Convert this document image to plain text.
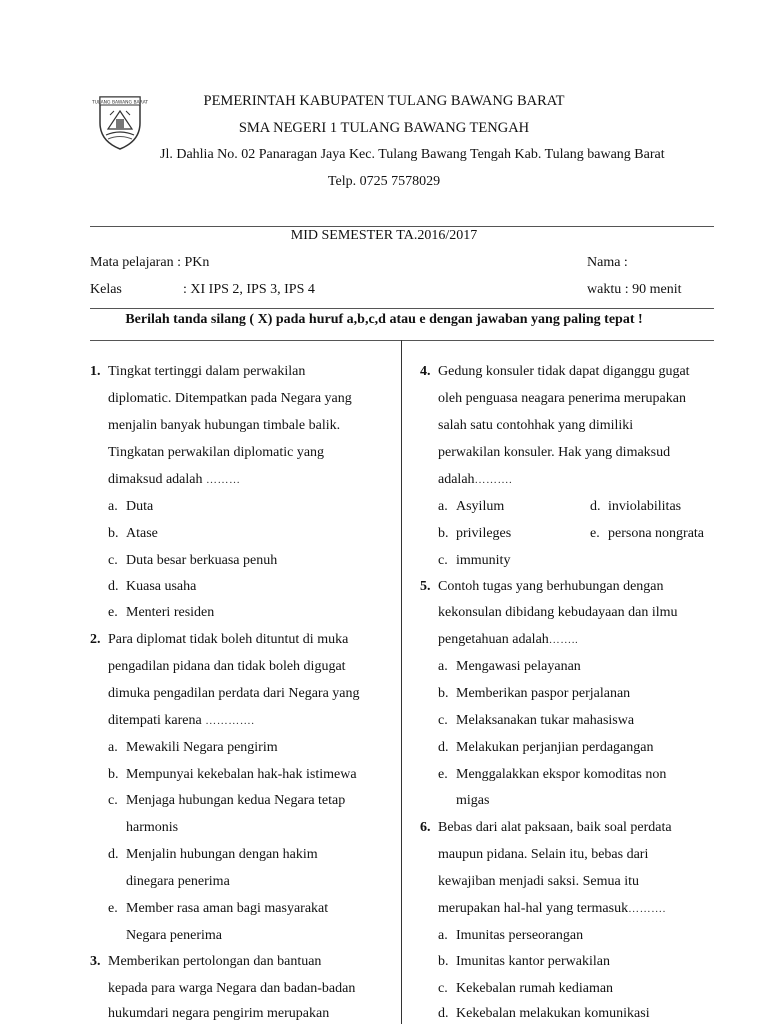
TULANG BAWANG BARAT	PEMERINTAH KABUPATEN TULANG BAWANG BARAT
SMA NEGERI 1 TULANG BAWANG TENGAH
Jl. Dahlia No. 02 Panaragan Jaya Kec. Tulang Bawang Tengah Kab. Tulang bawang Barat
Telp. 0725 7578029
MID SEMESTER TA.2016/2017
Mata pelajaran : PKn	Nama :
Kelas	: XI IPS 2, IPS 3, IPS 4	waktu : 90 menit
Berilah tanda silang ( X) pada huruf a,b,c,d atau e dengan jawaban yang paling tepat !
1. Tingkat tertinggi dalam perwakilan
diplomatic. Ditempatkan pada Negara yang
menjalin banyak hubungan timbale balik.
Tingkatan perwakilan diplomatic yang
dimaksud adalah ………
a. Duta
b. Atase
c. Duta besar berkuasa penuh
d. Kuasa usaha
e. Menteri residen
2. Para diplomat tidak boleh dituntut di muka
pengadilan pidana dan tidak boleh digugat
dimuka pengadilan perdata dari Negara yang
ditempati karena ………….
a. Mewakili Negara pengirim
b. Mempunyai kekebalan hak-hak istimewa
c. Menjaga hubungan kedua Negara tetap
harmonis
d. Menjalin hubungan dengan hakim
dinegara penerima
e. Member rasa aman bagi masyarakat
Negara penerima
3. Memberikan pertolongan dan bantuan
kepada para warga Negara dan badan-badan
hukumdari negara pengirim merupakan
4. Gedung konsuler tidak dapat diganggu gugat
oleh penguasa neagara penerima merupakan
salah satu contohhak yang dimiliki
perwakilan konsuler. Hak yang dimaksud
adalah……….
a. Asyilum	d. inviolabilitas
b. privileges	e. persona nongrata
c. immunity
5. Contoh tugas yang berhubungan dengan
kekonsulan dibidang kebudayaan dan ilmu
pengetahuan adalah……..
a. Mengawasi pelayanan
b. Memberikan paspor perjalanan
c. Melaksanakan tukar mahasiswa
d. Melakukan perjanjian perdagangan
e. Menggalakkan ekspor komoditas non
migas
6. Bebas dari alat paksaan, baik soal perdata
maupun pidana. Selain itu, bebas dari
kewajiban menjadi saksi. Semua itu
merupakan hal-hal yang termasuk……….
a. Imunitas perseorangan
b. Imunitas kantor perwakilan
c. Kekebalan rumah kediaman
d. Kekebalan melakukan komunikasi
